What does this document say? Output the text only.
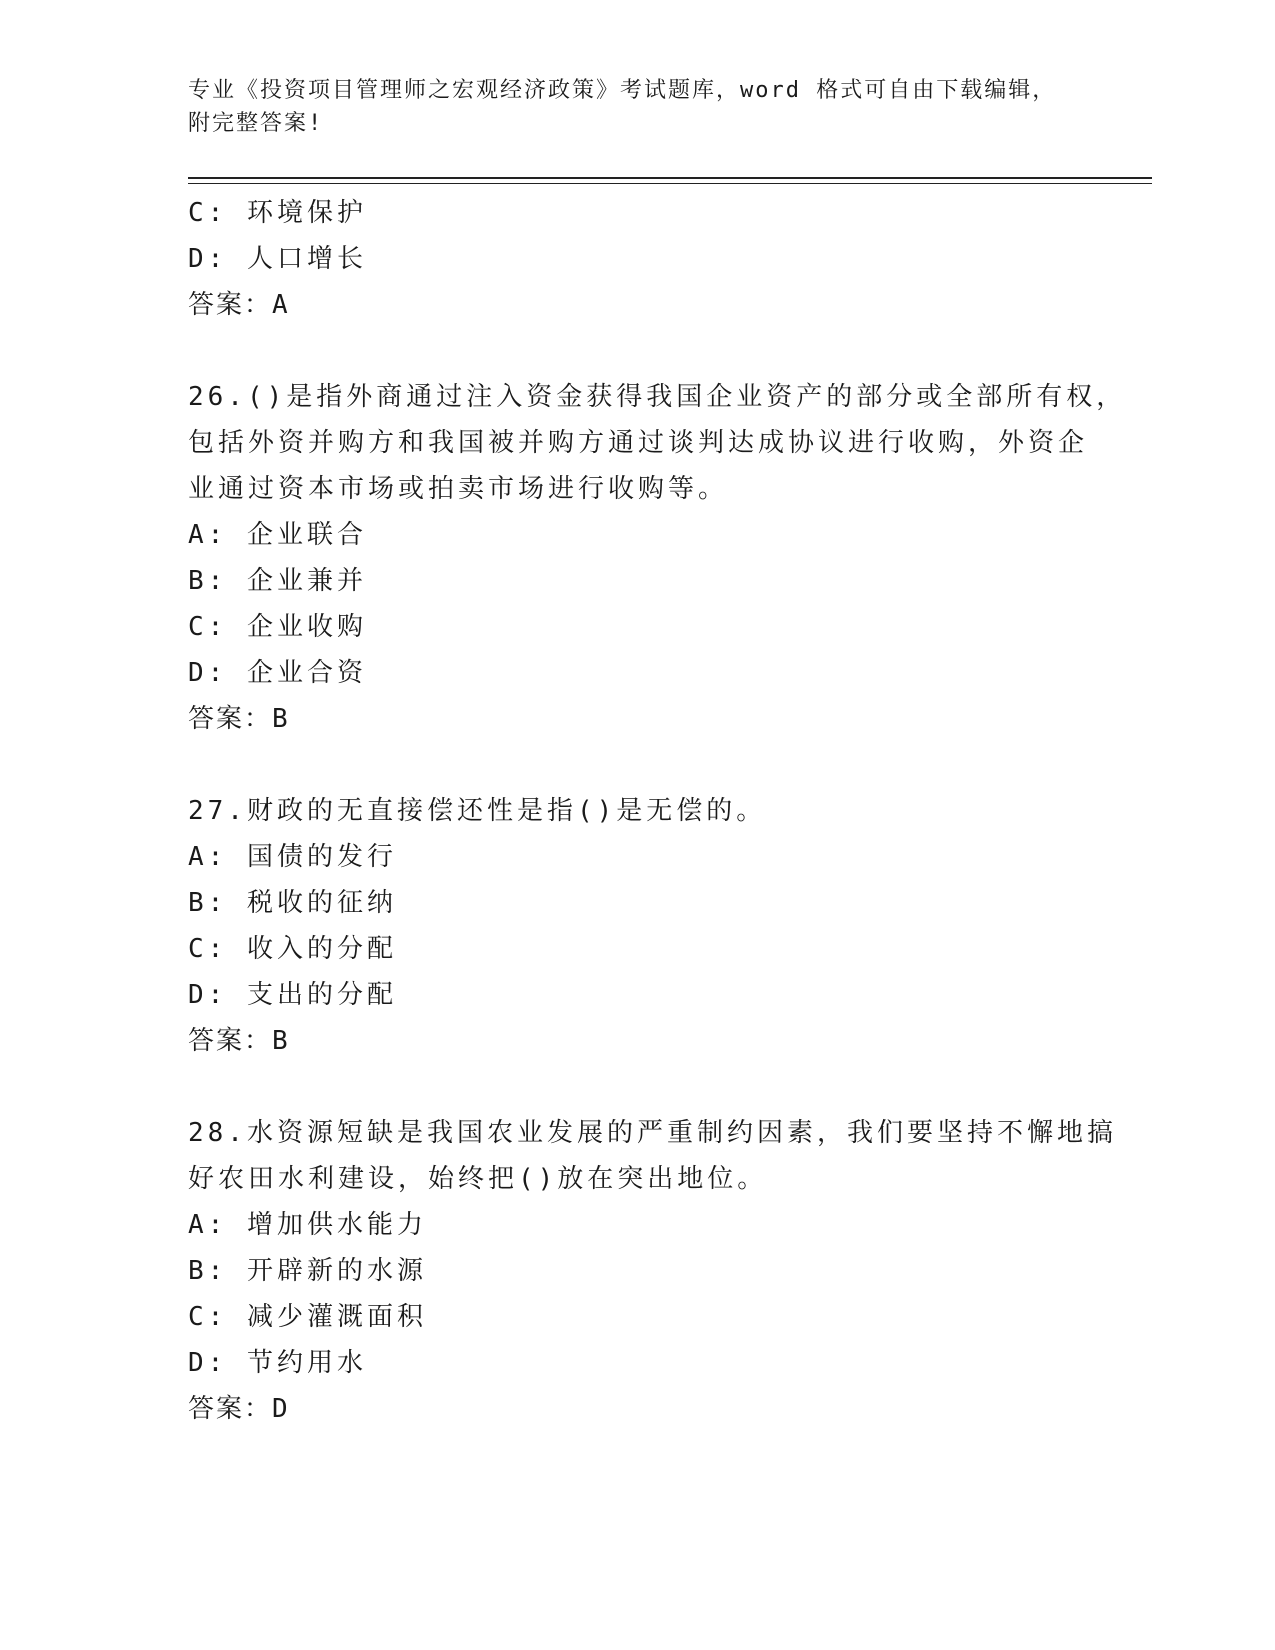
专业《投资项目管理师之宏观经济政策》考试题库，word 格式可自由下载编辑，
附完整答案!
C: 环境保护
D: 人口增长
答案：A
26.()是指外商通过注入资金获得我国企业资产的部分或全部所有权，
包括外资并购方和我国被并购方通过谈判达成协议进行收购，外资企
业通过资本市场或拍卖市场进行收购等。
A: 企业联合
B: 企业兼并
C: 企业收购
D: 企业合资
答案：B
27.财政的无直接偿还性是指()是无偿的。
A: 国债的发行
B: 税收的征纳
C: 收入的分配
D: 支出的分配
答案：B
28.水资源短缺是我国农业发展的严重制约因素，我们要坚持不懈地搞
好农田水利建设，始终把()放在突出地位。
A: 增加供水能力
B: 开辟新的水源
C: 减少灌溉面积
D: 节约用水
答案：D
